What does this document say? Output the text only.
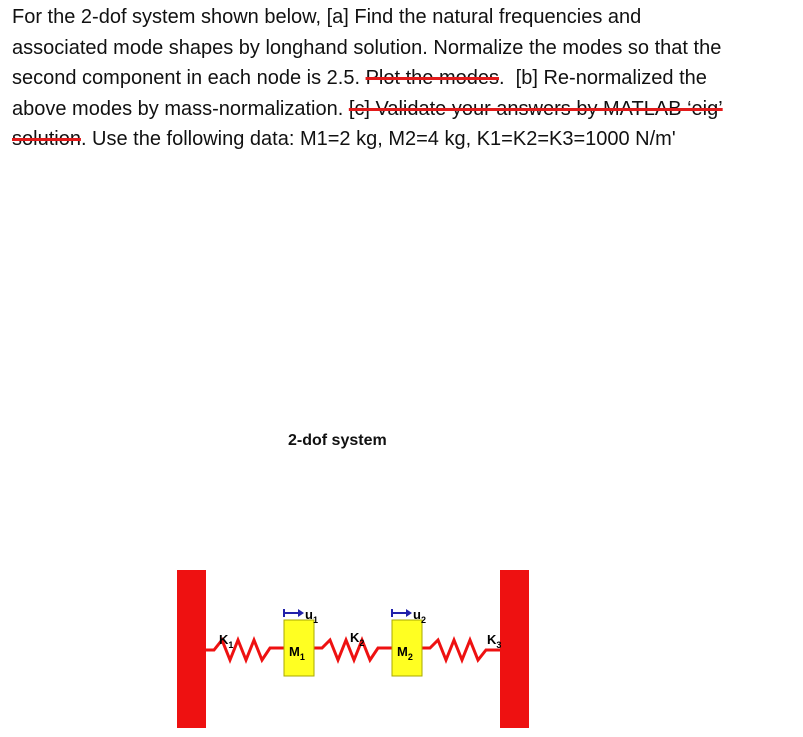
For the 2-dof system shown below, [a] Find the natural frequencies and
associated mode shapes by longhand solution. Normalize the modes so that the
second component in each node is 2.5. Plot the modes.  [b] Re-normalized the
above modes by mass-normalization. [c] Validate your answers by MATLAB ‘eig’
solution. Use the following data: M1=2 kg, M2=4 kg, K1=K2=K3=1000 N/m'
2-dof system
$u_1$	$u_2$
$K_1$	$K_2$	$K_3$
$M_1$	$M_2$
